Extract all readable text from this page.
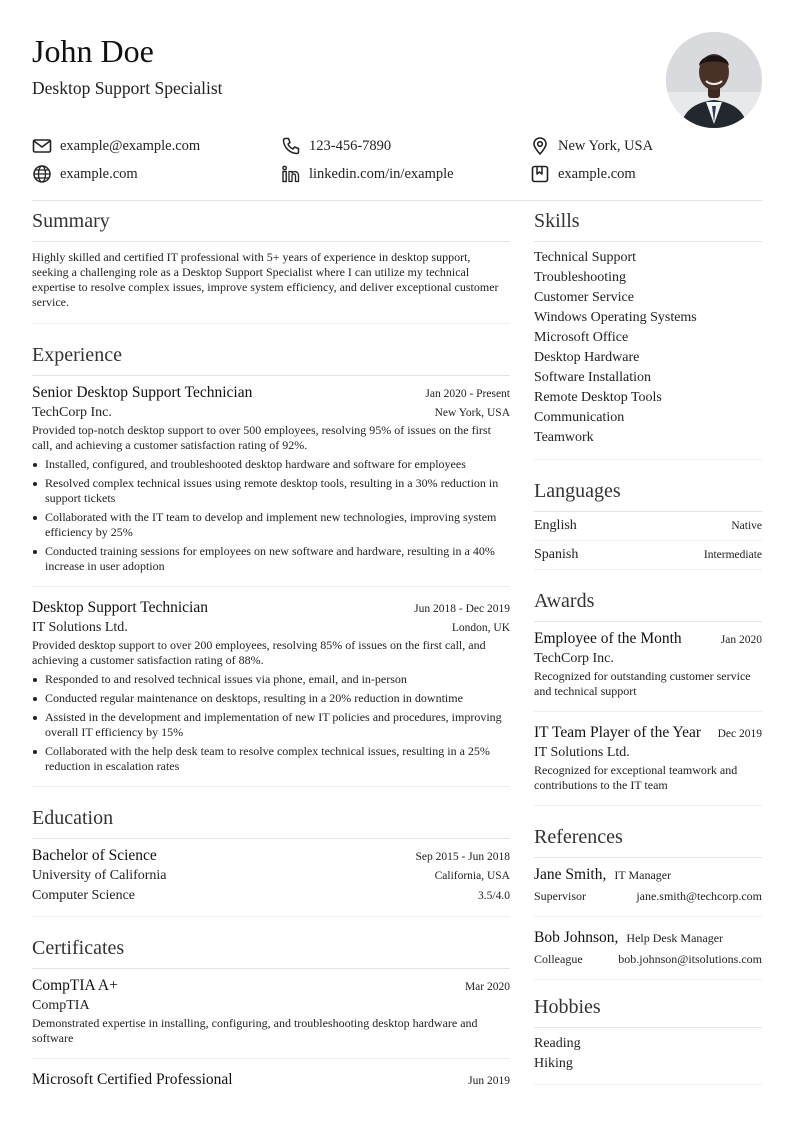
John Doe
Desktop Support Specialist
example@example.com	123-456-7890	New York, USA
example.com	linkedin.com/in/example	example.com
Summary

Highly skilled and certified IT professional with 5+ years of experience in desktop support, seeking a challenging role as a Desktop Support Specialist where I can utilize my technical expertise to resolve complex issues, improve system efficiency, and deliver exceptional customer service.

Experience
Senior Desktop Support Technician	Jan 2020 - Present
TechCorp Inc.	New York, USA

Provided top-notch desktop support to over 500 employees, resolving 95% of issues on the first call, and achieving a customer satisfaction rating of 92%.

Installed, configured, and troubleshooted desktop hardware and software for employees
Resolved complex technical issues using remote desktop tools, resulting in a 30% reduction in support tickets
Collaborated with the IT team to develop and implement new technologies, improving system efficiency by 25%
Conducted training sessions for employees on new software and hardware, resulting in a 40% increase in user adoption
Desktop Support Technician	Jun 2018 - Dec 2019
IT Solutions Ltd.	London, UK

Provided desktop support to over 200 employees, resolving 85% of issues on the first call, and achieving a customer satisfaction rating of 88%.

Responded to and resolved technical issues via phone, email, and in-person
Conducted regular maintenance on desktops, resulting in a 20% reduction in downtime
Assisted in the development and implementation of new IT policies and procedures, improving overall IT efficiency by 15%
Collaborated with the help desk team to resolve complex technical issues, resulting in a 25% reduction in escalation rates
Education
Bachelor of Science	Sep 2015 - Jun 2018
University of California	California, USA
Computer Science	3.5/4.0
Certificates
CompTIA A+	Mar 2020
CompTIA

Demonstrated expertise in installing, configuring, and troubleshooting desktop hardware and software

Microsoft Certified Professional	Jun 2019
Skills
Technical Support
Troubleshooting
Customer Service
Windows Operating Systems
Microsoft Office
Desktop Hardware
Software Installation
Remote Desktop Tools
Communication
Teamwork
Languages
English	Native
Spanish	Intermediate
Awards
Employee of the Month	Jan 2020
TechCorp Inc.

Recognized for outstanding customer service and technical support

IT Team Player of the Year Dec 2019
IT Solutions Ltd.

Recognized for exceptional teamwork and contributions to the IT team

References
Jane Smith, IT Manager
Supervisor	jane.smith@techcorp.com
Bob Johnson, Help Desk Manager
Colleague	bob.johnson@itsolutions.com
Hobbies
Reading
Hiking
